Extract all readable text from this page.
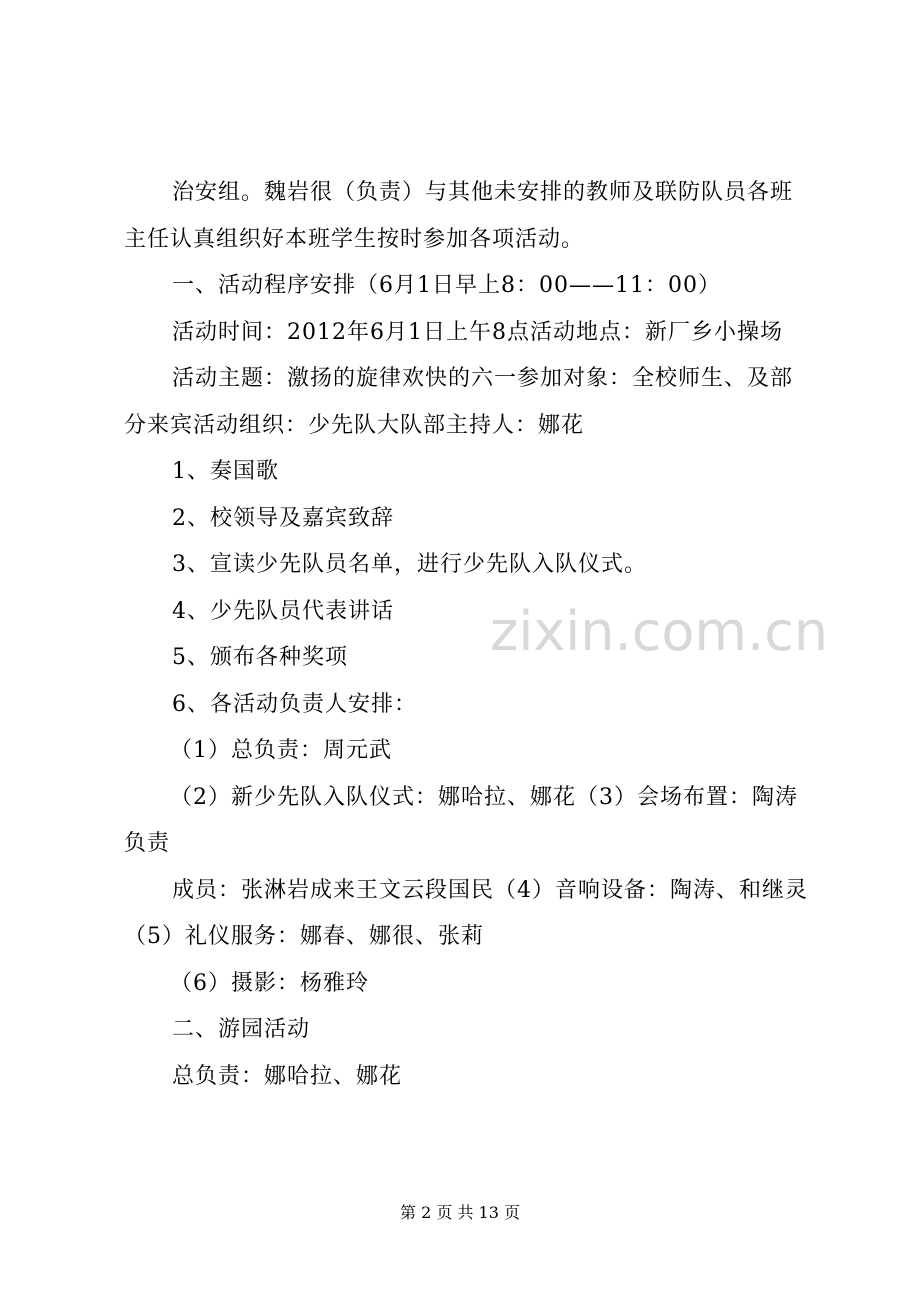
治安组。魏岩很（负责）与其他未安排的教师及联防队员各班主任认真组织好本班学生按时参加各项活动。

一、活动程序安排（6月1日早上8：00——11：00）

活动时间：2012年6月1日上午8点活动地点：新厂乡小操场

活动主题：激扬的旋律欢快的六一参加对象：全校师生、及部分来宾活动组织：少先队大队部主持人：娜花

1、奏国歌

2、校领导及嘉宾致辞

3、宣读少先队员名单，进行少先队入队仪式。

4、少先队员代表讲话

5、颁布各种奖项

6、各活动负责人安排：

（1）总负责：周元武

（2）新少先队入队仪式：娜哈拉、娜花（3）会场布置：陶涛负责

成员：张淋岩成来王文云段国民（4）音响设备：陶涛、和继灵（5）礼仪服务：娜春、娜很、张莉

（6）摄影：杨雅玲

二、游园活动

总负责：娜哈拉、娜花

zixin.com.cn
第 2 页 共 13 页
